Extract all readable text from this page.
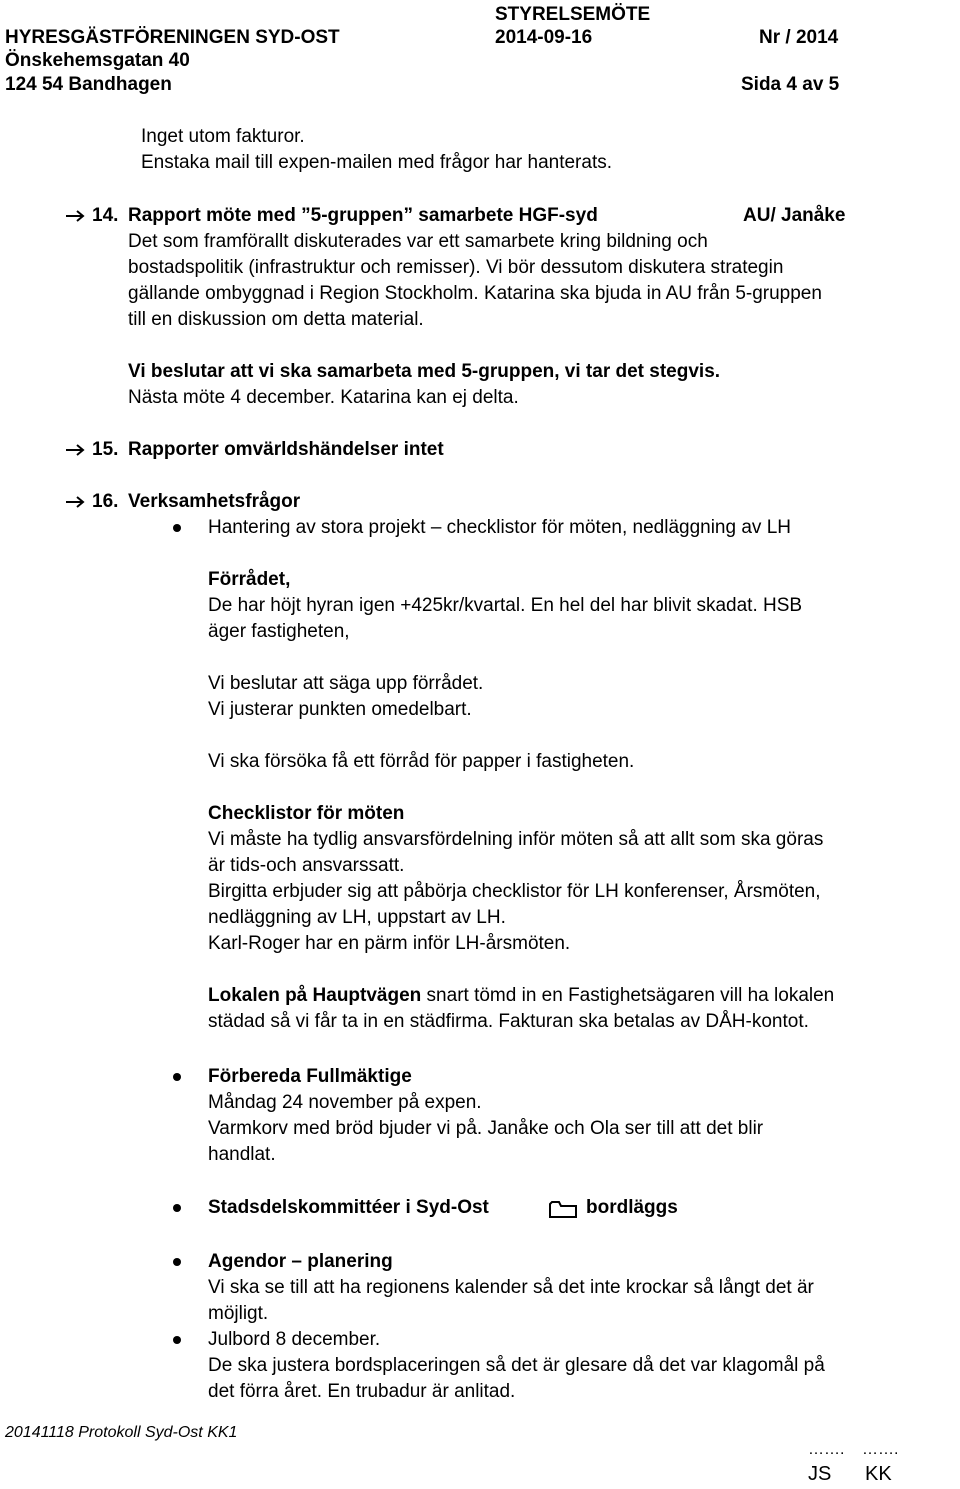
STYRELSEMÖTE
HYRESGÄSTFÖRENINGEN SYD-OST	2014-09-16	Nr / 2014
Önskehemsgatan 40
124 54 Bandhagen	Sida 4 av 5
Inget utom fakturor.
Enstaka mail till expen-mailen med frågor har hanterats.
14. Rapport möte med ”5-gruppen” samarbete HGF-syd	AU/ Janåke
Det som framförallt diskuterades var ett samarbete kring bildning och
bostadspolitik (infrastruktur och remisser). Vi bör dessutom diskutera strategin
gällande ombyggnad i Region Stockholm. Katarina ska bjuda in AU från 5-gruppen
till en diskussion om detta material.
Vi beslutar att vi ska samarbeta med 5-gruppen, vi tar det stegvis.
Nästa möte 4 december. Katarina kan ej delta.
15. Rapporter omvärldshändelser intet
16. Verksamhetsfrågor
Hantering av stora projekt – checklistor för möten, nedläggning av LH
Förrådet,
De har höjt hyran igen +425kr/kvartal. En hel del har blivit skadat. HSB
äger fastigheten,
Vi beslutar att säga upp förrådet.
Vi justerar punkten omedelbart.
Vi ska försöka få ett förråd för papper i fastigheten.
Checklistor för möten
Vi måste ha tydlig ansvarsfördelning inför möten så att allt som ska göras
är tids-och ansvarssatt.
Birgitta erbjuder sig att påbörja checklistor för LH konferenser, Årsmöten,
nedläggning av LH, uppstart av LH.
Karl-Roger har en pärm inför LH-årsmöten.
Lokalen på Hauptvägen snart tömd in en Fastighetsägaren vill ha lokalen
städad så vi får ta in en städfirma. Fakturan ska betalas av DÅH-kontot.
Förbereda Fullmäktige
Måndag 24 november på expen.
Varmkorv med bröd bjuder vi på. Janåke och Ola ser till att det blir
handlat.
Stadsdelskommittéer i Syd-Ost	bordläggs
Agendor – planering
Vi ska se till att ha regionens kalender så det inte krockar så långt det är
möjligt.
Julbord 8 december.
De ska justera bordsplaceringen så det är glesare då det var klagomål på
det förra året. En trubadur är anlitad.
20141118 Protokoll Syd-Ost KK1
……. …….
JS KK
